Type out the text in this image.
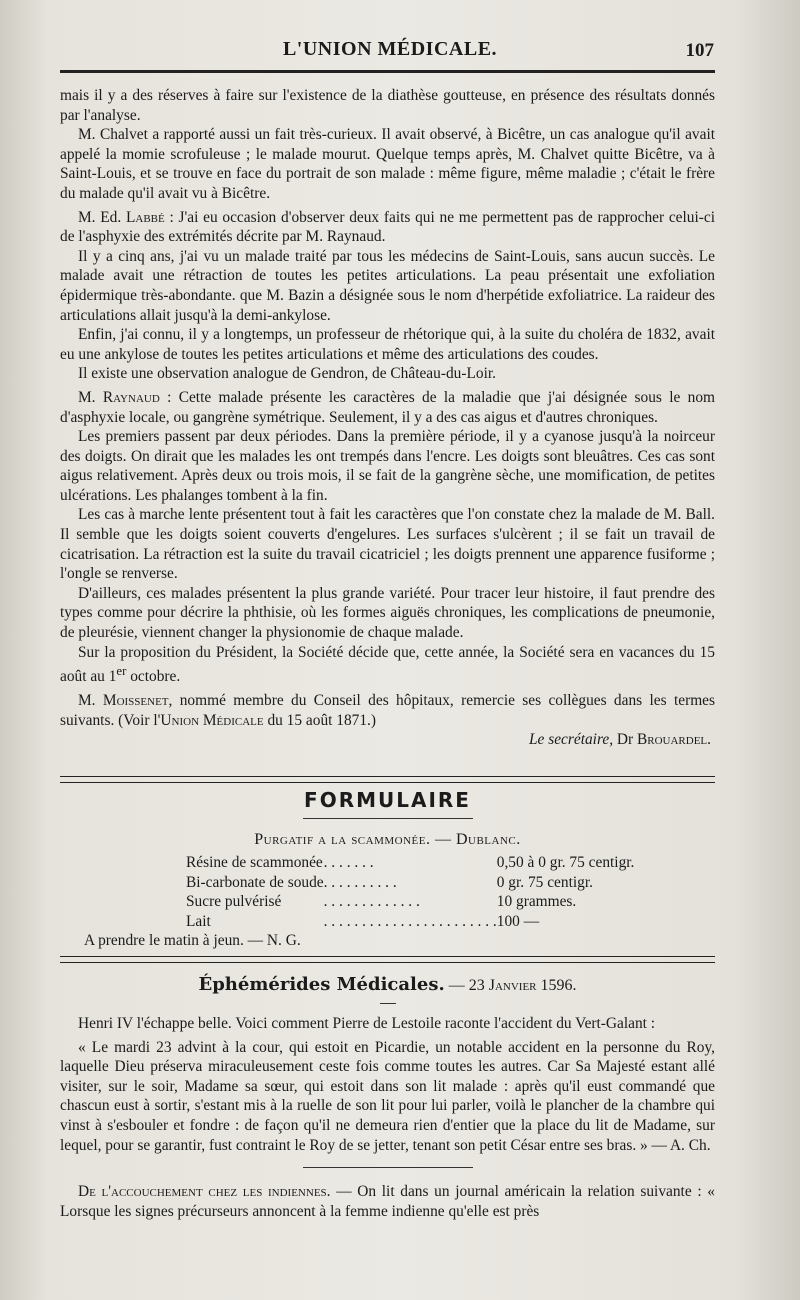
L'UNION MÉDICALE.	107

mais il y a des réserves à faire sur l'existence de la diathèse goutteuse, en présence des résultats donnés par l'analyse.

M. Chalvet a rapporté aussi un fait très-curieux. Il avait observé, à Bicêtre, un cas analogue qu'il avait appelé la momie scrofuleuse ; le malade mourut. Quelque temps après, M. Chalvet quitte Bicêtre, va à Saint-Louis, et se trouve en face du portrait de son malade : même figure, même maladie ; c'était le frère du malade qu'il avait vu à Bicêtre.

M. Ed. Labbé : J'ai eu occasion d'observer deux faits qui ne me permettent pas de rapprocher celui-ci de l'asphyxie des extrémités décrite par M. Raynaud.

Il y a cinq ans, j'ai vu un malade traité par tous les médecins de Saint-Louis, sans aucun succès. Le malade avait une rétraction de toutes les petites articulations. La peau présentait une exfoliation épidermique très-abondante. que M. Bazin a désignée sous le nom d'herpétide exfoliatrice. La raideur des articulations allait jusqu'à la demi-ankylose.

Enfin, j'ai connu, il y a longtemps, un professeur de rhétorique qui, à la suite du choléra de 1832, avait eu une ankylose de toutes les petites articulations et même des articulations des coudes.

Il existe une observation analogue de Gendron, de Château-du-Loir.

M. Raynaud : Cette malade présente les caractères de la maladie que j'ai désignée sous le nom d'asphyxie locale, ou gangrène symétrique. Seulement, il y a des cas aigus et d'autres chroniques.

Les premiers passent par deux périodes. Dans la première période, il y a cyanose jusqu'à la noirceur des doigts. On dirait que les malades les ont trempés dans l'encre. Les doigts sont bleuâtres. Ces cas sont aigus relativement. Après deux ou trois mois, il se fait de la gangrène sèche, une momification, de petites ulcérations. Les phalanges tombent à la fin.

Les cas à marche lente présentent tout à fait les caractères que l'on constate chez la malade de M. Ball. Il semble que les doigts soient couverts d'engelures. Les surfaces s'ulcèrent ; il se fait un travail de cicatrisation. La rétraction est la suite du travail cicatriciel ; les doigts prennent une apparence fusiforme ; l'ongle se renverse.

D'ailleurs, ces malades présentent la plus grande variété. Pour tracer leur histoire, il faut prendre des types comme pour décrire la phthisie, où les formes aiguës chroniques, les complications de pneumonie, de pleurésie, viennent changer la physionomie de chaque malade.

Sur la proposition du Président, la Société décide que, cette année, la Société sera en vacances du 15 août au 1er octobre.

M. Moissenet, nommé membre du Conseil des hôpitaux, remercie ses collègues dans les termes suivants. (Voir l'Union Médicale du 15 août 1871.)

Le secrétaire, Dr Brouardel.

FORMULAIRE
Purgatif a la scammonée. — Dublanc.
Résine de scammonée	. . . . . . .	0,50 à 0 gr. 75 centigr.
Bi-carbonate de soude	. . . . . . . . . .	0 gr. 75 centigr.
Sucre pulvérisé	. . . . . . . . . . . . .	10 grammes.
Lait	. . . . . . . . . . . . . . . . . . . . . . .	100 —

A prendre le matin à jeun. — N. G.

Éphémérides Médicales. — 23 Janvier 1596.

Henri IV l'échappe belle. Voici comment Pierre de Lestoile raconte l'accident du Vert-Galant :

« Le mardi 23 advint à la cour, qui estoit en Picardie, un notable accident en la personne du Roy, laquelle Dieu préserva miraculeusement ceste fois comme toutes les autres. Car Sa Majesté estant allé visiter, sur le soir, Madame sa sœur, qui estoit dans son lit malade : après qu'il eust commandé que chascun eust à sortir, s'estant mis à la ruelle de son lit pour lui parler, voilà le plancher de la chambre qui vinst à s'esbouler et fondre : de façon qu'il ne demeura rien d'entier que la place du lit de Madame, sur lequel, pour se garantir, fust contraint le Roy de se jetter, tenant son petit César entre ses bras. » — A. Ch.

De l'accouchement chez les indiennes. — On lit dans un journal américain la relation suivante : « Lorsque les signes précurseurs annoncent à la femme indienne qu'elle est près
